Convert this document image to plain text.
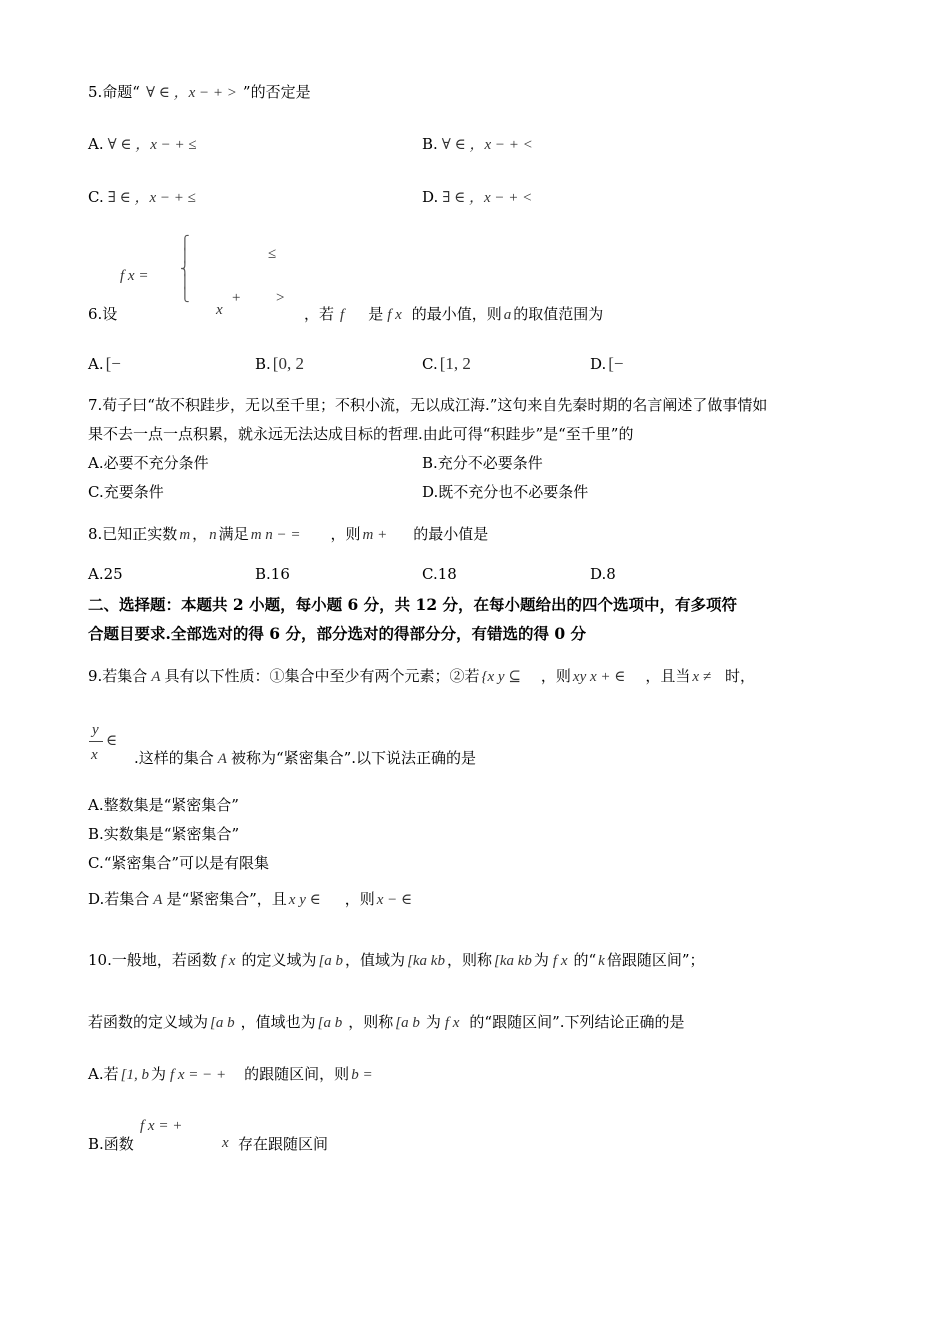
5.命题“ ∀ ∈ ，x − + > ”的否定是
A. ∀ ∈ ，x − + ≤	B. ∀ ∈ ，x − + <
C. ∃ ∈ ，x − + ≤	D. ∃ ∈ ，x − + <
f x =
⎧
⎪
⎨
⎪
⎩
≤
x
+ >
6.设	，若 f 是 f x 的最小值，则 a 的取值范围为
A. [−	B. [0, 2	C. [1, 2	D. [−
7.荀子曰“故不积跬步，无以至千里；不积小流，无以成江海.”这句来自先秦时期的名言阐述了做事情如
果不去一点一点积累，就永远无法达成目标的哲理.由此可得“积跬步”是“至千里”的
A.必要不充分条件	B.充分不必要条件
C.充要条件	D.既不充分也不必要条件
8.已知正实数 m ， n 满足 m n − = ，则 m + 的最小值是
A.25	B.16	C.18	D.8
二、选择题：本题共 2 小题，每小题 6 分，共 12 分，在每小题给出的四个选项中，有多项符
合题目要求.全部选对的得 6 分，部分选对的得部分分，有错选的得 0 分
9.若集合 A 具有以下性质：①集合中至少有两个元素；②若 {x y ⊆ ，则 xy x + ∈ ，且当 x ≠ 时，
y
x
∈
.这样的集合 A 被称为“紧密集合”.以下说法正确的是
A.整数集是“紧密集合”
B.实数集是“紧密集合”
C.“紧密集合”可以是有限集
D.若集合 A 是“紧密集合”，且 x y ∈ ，则 x − ∈
10.一般地，若函数 f x 的定义域为 [a b ，值域为 [ka kb ，则称 [ka kb 为 f x 的“ k 倍跟随区间”；
若函数的定义域为 [a b ，值域也为 [a b ，则称 [a b 为 f x 的“跟随区间”.下列结论正确的是
A.若 [1, b 为 f x = − + 的跟随区间，则 b =
f x = +
x
B.函数	存在跟随区间
